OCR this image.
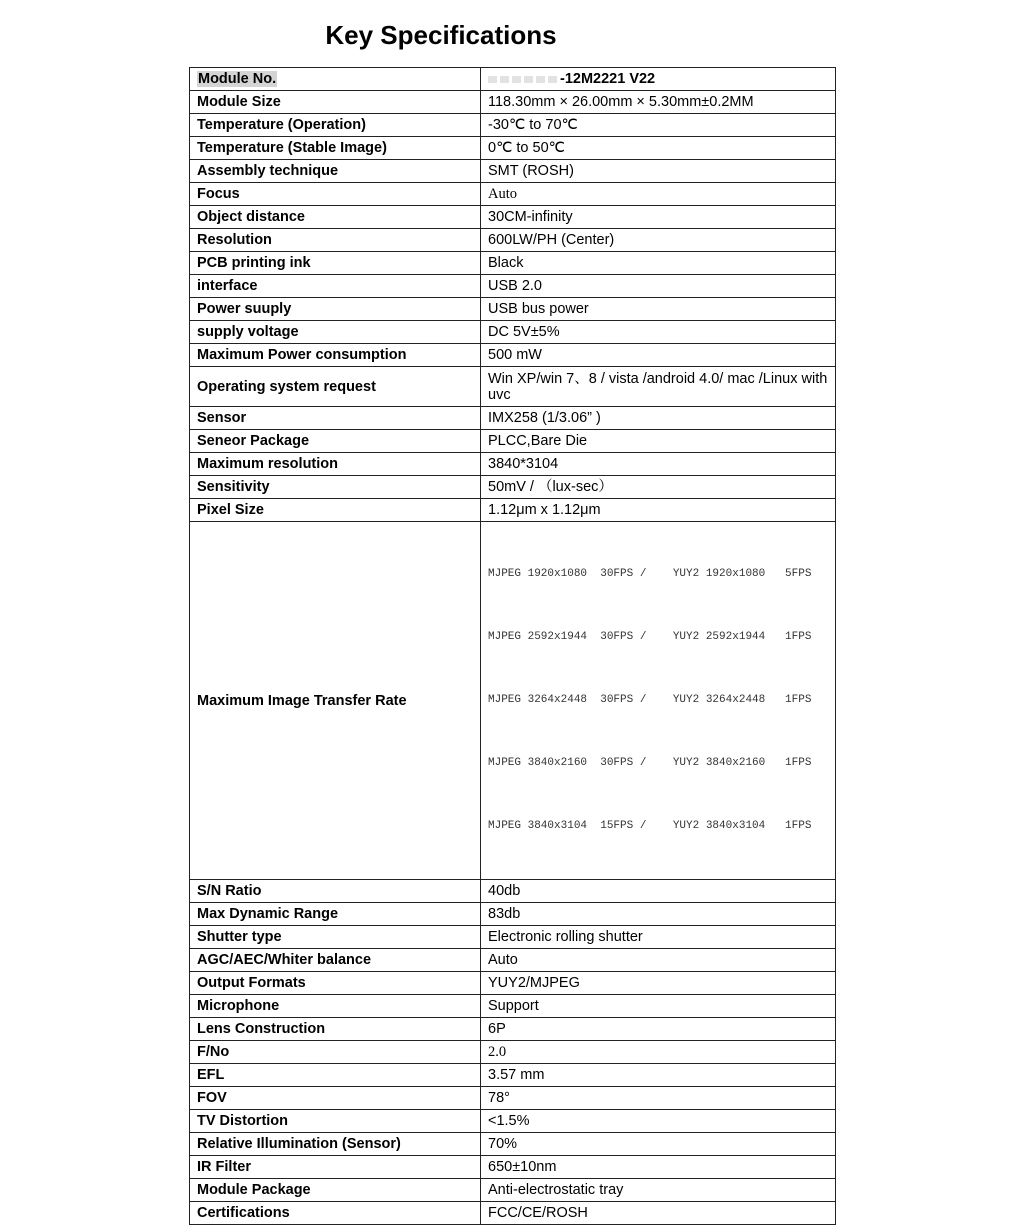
Key Specifications
Module No.	-12M2221 V22
Module Size	118.30mm × 26.00mm × 5.30mm±0.2MM
Temperature (Operation)	-30℃ to 70℃
Temperature (Stable Image)	0℃ to 50℃
Assembly technique	SMT (ROSH)
Focus	Auto
Object distance	30CM-infinity
Resolution	600LW/PH (Center)
PCB printing ink	Black
interface	USB 2.0
Power suuply	USB bus power
supply voltage	DC 5V±5%
Maximum Power consumption	500 mW
Operating system request	Win XP/win 7、8 / vista /android 4.0/ mac /Linux with uvc
Sensor	IMX258 (1/3.06” )
Seneor Package	PLCC,Bare Die
Maximum resolution	3840*3104
Sensitivity	50mV / （lux-sec）
Pixel Size	1.12μm x 1.12μm
Maximum Image Transfer Rate	MJPEG 1920x1080  30FPS /    YUY2 1920x1080   5FPS

MJPEG 2592x1944  30FPS /    YUY2 2592x1944   1FPS

MJPEG 3264x2448  30FPS /    YUY2 3264x2448   1FPS

MJPEG 3840x2160  30FPS /    YUY2 3840x2160   1FPS

MJPEG 3840x3104  15FPS /    YUY2 3840x3104   1FPS

S/N Ratio	40db
Max Dynamic Range	83db
Shutter type	Electronic rolling shutter
AGC/AEC/Whiter balance	Auto
Output Formats	YUY2/MJPEG
Microphone	Support
Lens Construction	6P
F/No	2.0
EFL	3.57 mm
FOV	78°
TV Distortion	<1.5%
Relative Illumination (Sensor)	70%
IR Filter	650±10nm
Module Package	Anti-electrostatic tray
Certifications	FCC/CE/ROSH
